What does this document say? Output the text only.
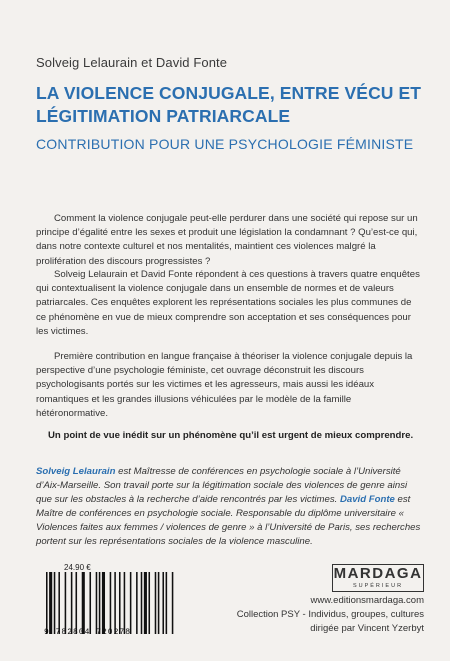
Solveig Lelaurain et David Fonte
LA VIOLENCE CONJUGALE, ENTRE VÉCU ET LÉGITIMATION PATRIARCALE
CONTRIBUTION POUR UNE PSYCHOLOGIE FÉMINISTE

Comment la violence conjugale peut-elle perdurer dans une société qui repose sur un principe d’égalité entre les sexes et produit une législation la condamnant ? Qu’est-ce qui, dans notre contexte culturel et nos mentalités, maintient ces violences malgré la prolifération des discours progressistes ?

Solveig Lelaurain et David Fonte répondent à ces questions à travers quatre enquêtes qui contextualisent la violence conjugale dans un ensemble de normes et de valeurs patriarcales. Ces enquêtes explorent les représentations sociales les plus communes de ce phénomène en vue de mieux comprendre son acceptation et ses conséquences pour les victimes.

Première contribution en langue française à théoriser la violence conjugale depuis la perspective d’une psychologie féministe, cet ouvrage déconstruit les discours psychologisants portés sur les victimes et les agresseurs, mais aussi les idéaux romantiques et les grandes illusions véhiculées par le modèle de la famille hétéronormative.

Un point de vue inédit sur un phénomène qu’il est urgent de mieux comprendre.
Solveig Lelaurain est Maîtresse de conférences en psychologie sociale à l’Université d’Aix-Marseille. Son travail porte sur la légitimation sociale des violences de genre ainsi que sur les obstacles à la recherche d’aide rencontrés par les victimes. David Fonte est Maître de conférences en psychologie sociale. Responsable du diplôme universitaire « Violences faites aux femmes / violences de genre » à l’Université de Paris, ses recherches portent sur les représentations sociales de la violence masculine.
24.90 €
9 782804 720278
MARDAGA
SUPÉRIEUR
www.editionsmardaga.com
Collection PSY - Individus, groupes, cultures
dirigée par Vincent Yzerbyt
